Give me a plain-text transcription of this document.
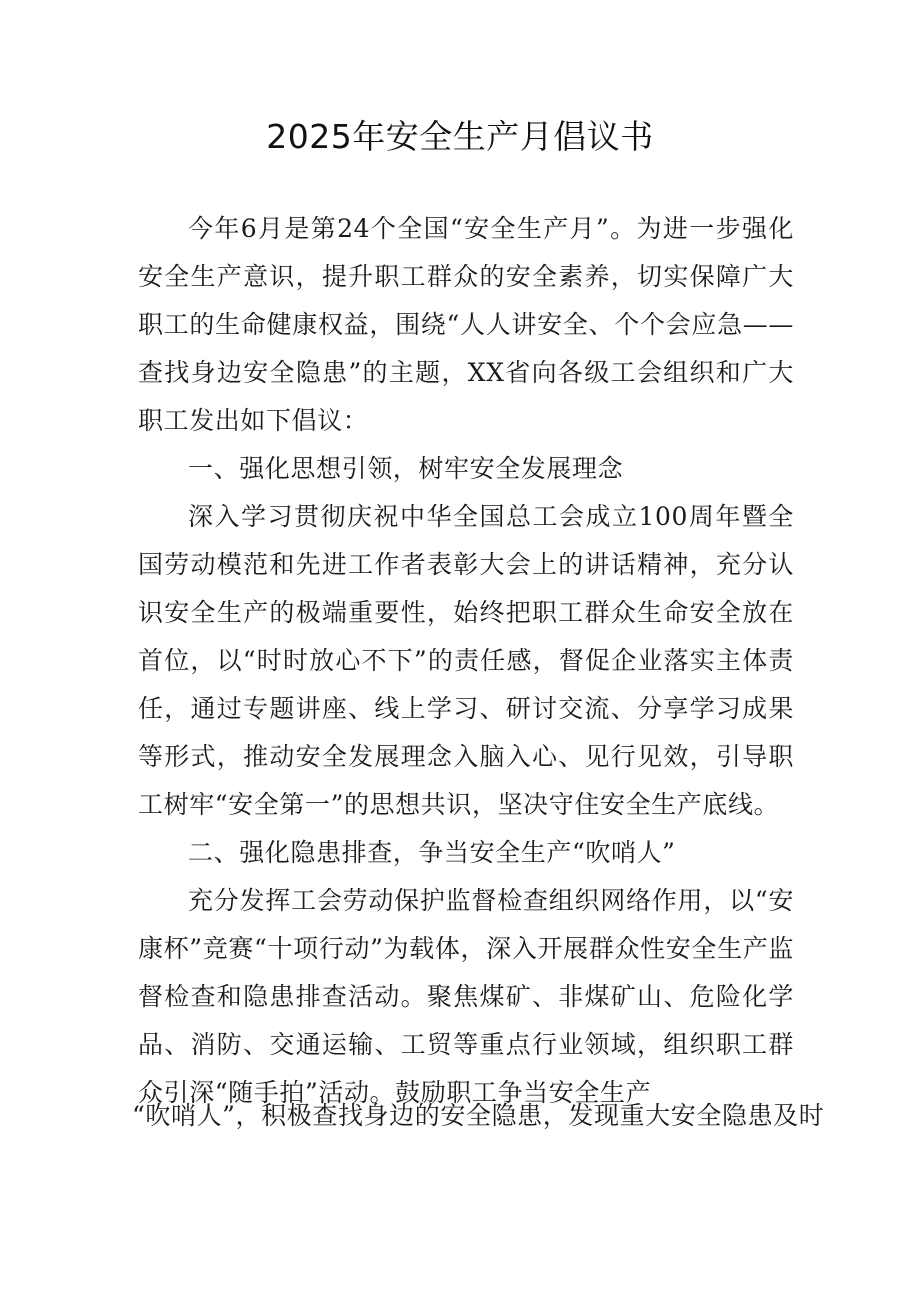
2025年安全生产月倡议书

今年6月是第24个全国“安全生产月”。为进一步强化安全生产意识，提升职工群众的安全素养，切实保障广大职工的生命健康权益，围绕“人人讲安全、个个会应急——查找身边安全隐患”的主题，XX省向各级工会组织和广大职工发出如下倡议：

一、强化思想引领，树牢安全发展理念

深入学习贯彻庆祝中华全国总工会成立100周年暨全国劳动模范和先进工作者表彰大会上的讲话精神，充分认识安全生产的极端重要性，始终把职工群众生命安全放在首位，以“时时放心不下”的责任感，督促企业落实主体责任，通过专题讲座、线上学习、研讨交流、分享学习成果等形式，推动安全发展理念入脑入心、见行见效，引导职工树牢“安全第一”的思想共识，坚决守住安全生产底线。

二、强化隐患排查，争当安全生产“吹哨人”

充分发挥工会劳动保护监督检查组织网络作用，以“安康杯”竞赛“十项行动”为载体，深入开展群众性安全生产监督检查和隐患排查活动。聚焦煤矿、非煤矿山、危险化学品、消防、交通运输、工贸等重点行业领域，组织职工群众引深“随手拍”活动。鼓励职工争当安全生产

“吹哨人”，积极查找身边的安全隐患，发现重大安全隐患及时
